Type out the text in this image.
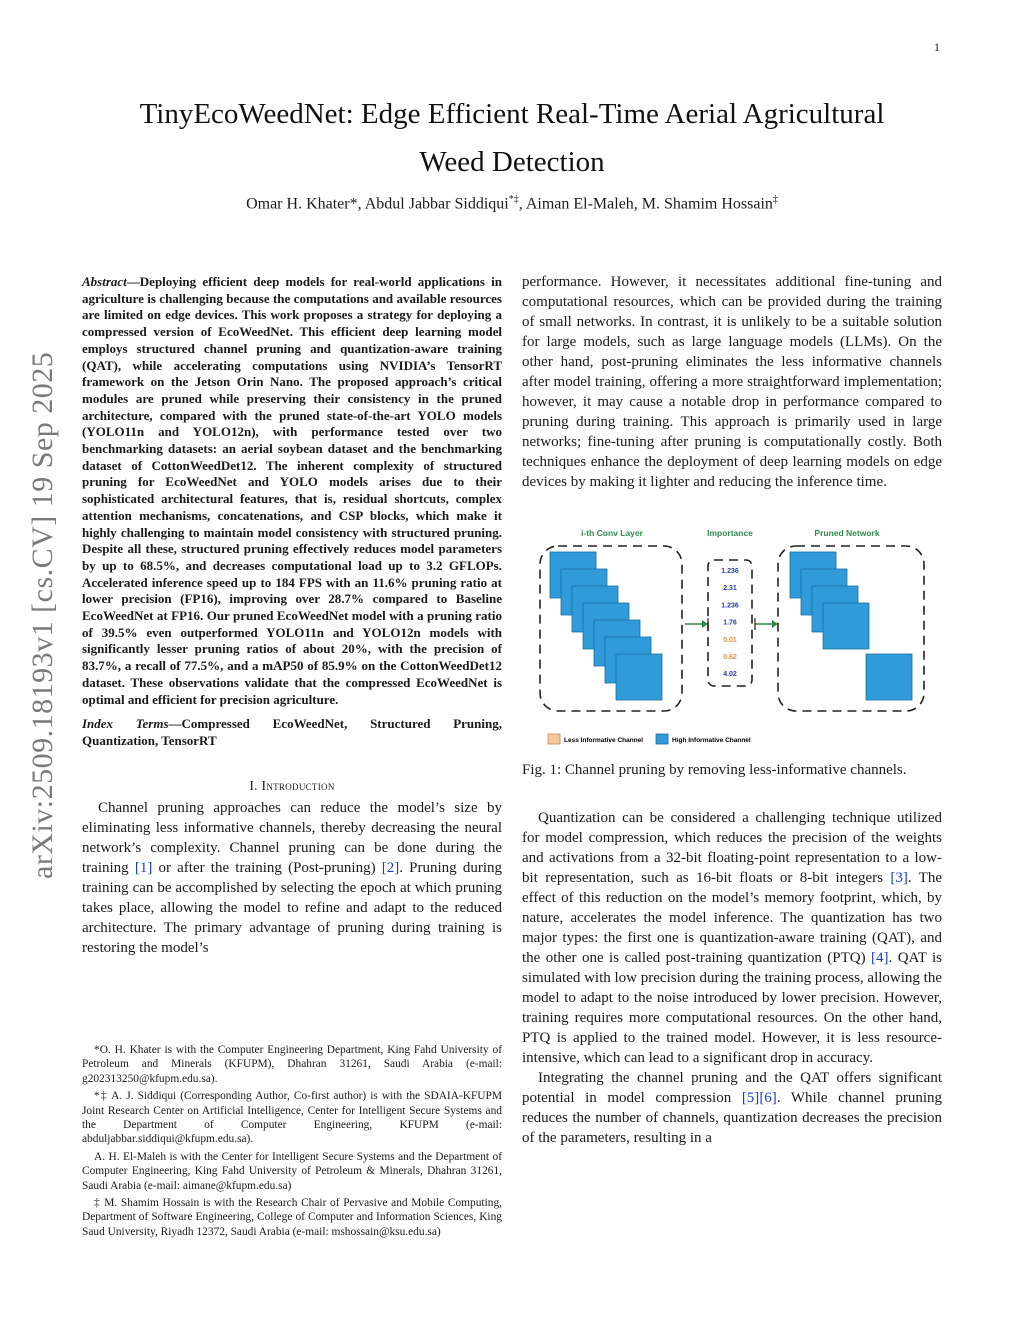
1
arXiv:2509.18193v1 [cs.CV] 19 Sep 2025
TinyEcoWeedNet: Edge Efficient Real-Time Aerial Agricultural
Weed Detection
Omar H. Khater*, Abdul Jabbar Siddiqui*‡, Aiman El-Maleh, M. Shamim Hossain‡

Abstract—Deploying efficient deep models for real-world applications in agriculture is challenging because the computations and available resources are limited on edge devices. This work proposes a strategy for deploying a compressed version of EcoWeedNet. This efficient deep learning model employs structured channel pruning and quantization-aware training (QAT), while accelerating computations using NVIDIA’s TensorRT framework on the Jetson Orin Nano. The proposed approach’s critical modules are pruned while preserving their consistency in the pruned architecture, compared with the pruned state-of-the-art YOLO models (YOLO11n and YOLO12n), with performance tested over two benchmarking datasets: an aerial soybean dataset and the benchmarking dataset of CottonWeedDet12. The inherent complexity of structured pruning for EcoWeedNet and YOLO models arises due to their sophisticated architectural features, that is, residual shortcuts, complex attention mechanisms, concatenations, and CSP blocks, which make it highly challenging to maintain model consistency with structured pruning. Despite all these, structured pruning effectively reduces model parameters by up to 68.5%, and decreases computational load up to 3.2 GFLOPs. Accelerated inference speed up to 184 FPS with an 11.6% pruning ratio at lower precision (FP16), improving over 28.7% compared to Baseline EcoWeedNet at FP16. Our pruned EcoWeedNet model with a pruning ratio of 39.5% even outperformed YOLO11n and YOLO12n models with significantly lesser pruning ratios of about 20%, with the precision of 83.7%, a recall of 77.5%, and a mAP50 of 85.9% on the CottonWeedDet12 dataset. These observations validate that the compressed EcoWeedNet is optimal and efficient for precision agriculture.

Index Terms—Compressed EcoWeedNet, Structured Pruning, Quantization, TensorRT

I. Introduction

Channel pruning approaches can reduce the model’s size by eliminating less informative channels, thereby decreasing the neural network’s complexity. Channel pruning can be done during the training [1] or after the training (Post-pruning) [2]. Pruning during training can be accomplished by selecting the epoch at which pruning takes place, allowing the model to refine and adapt to the reduced architecture. The primary advantage of pruning during training is restoring the model’s

*O. H. Khater is with the Computer Engineering Department, King Fahd University of Petroleum and Minerals (KFUPM), Dhahran 31261, Saudi Arabia (e-mail: g202313250@kfupm.edu.sa).

*‡ A. J. Siddiqui (Corresponding Author, Co-first author) is with the SDAIA-KFUPM Joint Research Center on Artificial Intelligence, Center for Intelligent Secure Systems and the Department of Computer Engineering, KFUPM (e-mail: abduljabbar.siddiqui@kfupm.edu.sa).

A. H. El-Maleh is with the Center for Intelligent Secure Systems and the Department of Computer Engineering, King Fahd University of Petroleum & Minerals, Dhahran 31261, Saudi Arabia (e-mail: aimane@kfupm.edu.sa)

‡ M. Shamim Hossain is with the Research Chair of Pervasive and Mobile Computing, Department of Software Engineering, College of Computer and Information Sciences, King Saud University, Riyadh 12372, Saudi Arabia (e-mail: mshossain@ksu.edu.sa)

performance. However, it necessitates additional fine-tuning and computational resources, which can be provided during the training of small networks. In contrast, it is unlikely to be a suitable solution for large models, such as large language models (LLMs). On the other hand, post-pruning eliminates the less informative channels after model training, offering a more straightforward implementation; however, it may cause a notable drop in performance compared to pruning during training. This approach is primarily used in large networks; fine-tuning after pruning is computationally costly. Both techniques enhance the deployment of deep learning models on edge devices by making it lighter and reducing the inference time.

i-th Conv Layer	Importance	Pruned Network
1.236
2.31
1.236
1.76
0.01
0.62
4.02
Less Informative Channel	High Informative Channel

Fig. 1: Channel pruning by removing less-informative channels.

Quantization can be considered a challenging technique utilized for model compression, which reduces the precision of the weights and activations from a 32-bit floating-point representation to a low-bit representation, such as 16-bit floats or 8-bit integers [3]. The effect of this reduction on the model’s memory footprint, which, by nature, accelerates the model inference. The quantization has two major types: the first one is quantization-aware training (QAT), and the other one is called post-training quantization (PTQ) [4]. QAT is simulated with low precision during the training process, allowing the model to adapt to the noise introduced by lower precision. However, training requires more computational resources. On the other hand, PTQ is applied to the trained model. However, it is less resource-intensive, which can lead to a significant drop in accuracy.

Integrating the channel pruning and the QAT offers significant potential in model compression [5][6]. While channel pruning reduces the number of channels, quantization decreases the precision of the parameters, resulting in a
